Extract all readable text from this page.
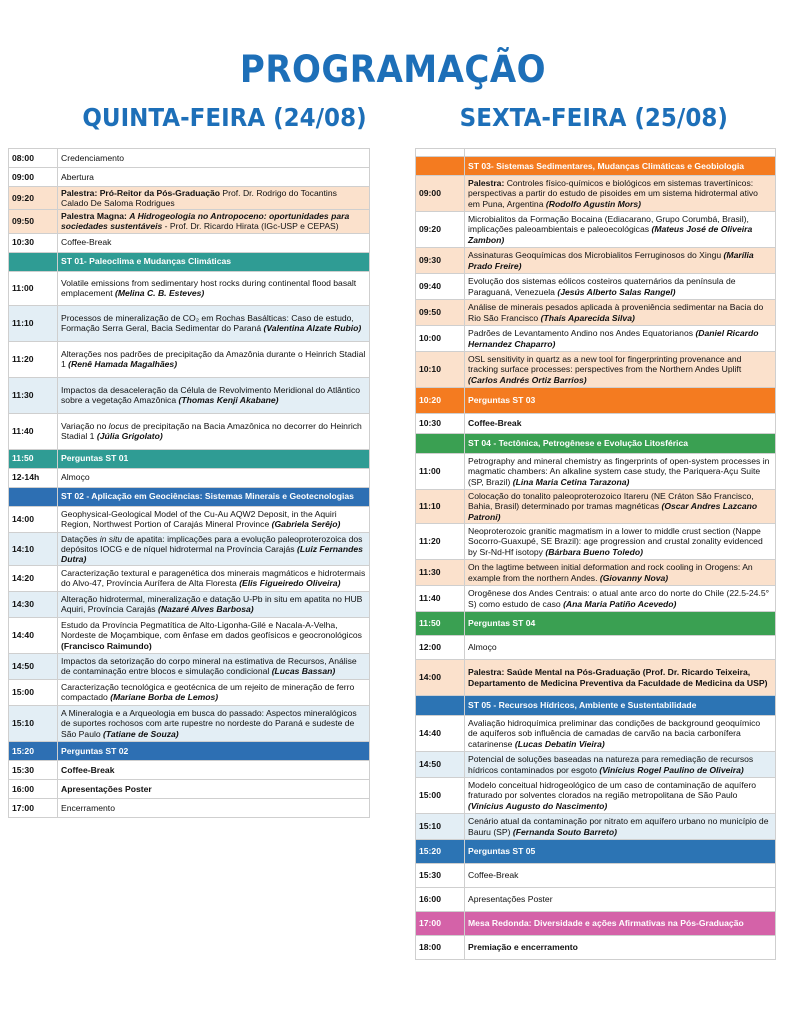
PROGRAMAÇÃO
QUINTA-FEIRA (24/08)	SEXTA-FEIRA (25/08)
08:00	Credenciamento
09:00	Abertura
09:20	Palestra: Pró-Reitor da Pós-Graduação Prof. Dr. Rodrigo do Tocantins Calado De Saloma Rodrigues
09:50	Palestra Magna: A Hidrogeologia no Antropoceno: oportunidades para sociedades sustentáveis - Prof. Dr. Ricardo Hirata (IGc-USP e CEPAS)
10:30	Coffee-Break
	ST 01- Paleoclima e Mudanças Climáticas
11:00	Volatile emissions from sedimentary host rocks during continental flood basalt emplacement (Melina C. B. Esteves)
11:10	Processos de mineralização de CO₂ em Rochas Basálticas: Caso de estudo, Formação Serra Geral, Bacia Sedimentar do Paraná (Valentina Alzate Rubio)
11:20	Alterações nos padrões de precipitação da Amazônia durante o Heinrich Stadial 1 (Renê Hamada Magalhães)
11:30	Impactos da desaceleração da Célula de Revolvimento Meridional do Atlântico sobre a vegetação Amazônica (Thomas Kenji Akabane)
11:40	Variação no locus de precipitação na Bacia Amazônica no decorrer do Heinrich Stadial 1 (Júlia Grigolato)
11:50	Perguntas ST 01
12-14h	Almoço
	ST 02 - Aplicação em Geociências: Sistemas Minerais e Geotecnologias
14:00	Geophysical-Geological Model of the Cu-Au AQW2 Deposit, in the Aquiri Region, Northwest Portion of Carajás Mineral Province (Gabriela Serêjo)
14:10	Datações in situ de apatita: implicações para a evolução paleoproterozoica dos depósitos IOCG e de níquel hidrotermal na Província Carajás (Luiz Fernandes Dutra)
14:20	Caracterização textural e paragenética dos minerais magmáticos e hidrotermais do Alvo-47, Província Aurífera de Alta Floresta (Elis Figueiredo Oliveira)
14:30	Alteração hidrotermal, mineralização e datação U-Pb in situ em apatita no HUB Aquiri, Província Carajás (Nazaré Alves Barbosa)
14:40	Estudo da Província Pegmatítica de Alto-Ligonha-Gilé e Nacala-A-Velha, Nordeste de Moçambique, com ênfase em dados geofísicos e geocronológicos (Francisco Raimundo)
14:50	Impactos da setorização do corpo mineral na estimativa de Recursos, Análise de contaminação entre blocos e simulação condicional (Lucas Bassan)
15:00	Caracterização tecnológica e geotécnica de um rejeito de mineração de ferro compactado (Mariane Borba de Lemos)
15:10	A Mineralogia e a Arqueologia em busca do passado: Aspectos mineralógicos de suportes rochosos com arte rupestre no nordeste do Paraná e sudeste de São Paulo (Tatiane de Souza)
15:20	Perguntas ST 02
15:30	Coffee-Break
16:00	Apresentações Poster
17:00	Encerramento

	ST 03- Sistemas Sedimentares, Mudanças Climáticas e Geobiologia
09:00	Palestra: Controles físico-químicos e biológicos em sistemas travertínicos: perspectivas a partir do estudo de pisoides em um sistema hidrotermal ativo em Puna, Argentina (Rodolfo Agustin Mors)
09:20	Microbialitos da Formação Bocaina (Ediacarano, Grupo Corumbá, Brasil), implicações paleoambientais e paleoecológicas (Mateus José de Oliveira Zambon)
09:30	Assinaturas Geoquímicas dos Microbialitos Ferruginosos do Xingu (Marília Prado Freire)
09:40	Evolução dos sistemas eólicos costeiros quaternários da península de Paraguaná, Venezuela (Jesús Alberto Salas Rangel)
09:50	Análise de minerais pesados aplicada à proveniência sedimentar na Bacia do Rio São Francisco (Thaís Aparecida Silva)
10:00	Padrões de Levantamento Andino nos Andes Equatorianos (Daniel Ricardo Hernandez Chaparro)
10:10	OSL sensitivity in quartz as a new tool for fingerprinting provenance and tracking surface processes: perspectives from the Northern Andes Uplift (Carlos Andrés Ortiz Barrios)
10:20	Perguntas ST 03
10:30	Coffee-Break
	ST 04 - Tectônica, Petrogênese e Evolução Litosférica
11:00	Petrography and mineral chemistry as fingerprints of open-system processes in magmatic chambers: An alkaline system case study, the Pariquera-Açu Suite (SP, Brazil) (Lina Maria Cetina Tarazona)
11:10	Colocação do tonalito paleoproterozoico Itareru (NE Cráton São Francisco, Bahia, Brasil) determinado por tramas magnéticas (Oscar Andres Lazcano Patroni)
11:20	Neoproterozoic granitic magmatism in a lower to middle crust section (Nappe Socorro-Guaxupé, SE Brazil): age progression and crustal zonality evidenced by Sr-Nd-Hf isotopy (Bárbara Bueno Toledo)
11:30	On the lagtime between initial deformation and rock cooling in Orogens: An example from the northern Andes. (Giovanny Nova)
11:40	Orogênese dos Andes Centrais: o atual ante arco do norte do Chile (22.5-24.5° S) como estudo de caso (Ana Maria Patiño Acevedo)
11:50	Perguntas ST 04
12:00	Almoço
14:00	Palestra: Saúde Mental na Pós-Graduação (Prof. Dr. Ricardo Teixeira, Departamento de Medicina Preventiva da Faculdade de Medicina da USP)
	ST 05 - Recursos Hídricos, Ambiente e Sustentabilidade
14:40	Avaliação hidroquímica preliminar das condições de background geoquímico de aquíferos sob influência de camadas de carvão na bacia carbonífera catarinense (Lucas Debatin Vieira)
14:50	Potencial de soluções baseadas na natureza para remediação de recursos hídricos contaminados por esgoto (Vinícius Rogel Paulino de Oliveira)
15:00	Modelo conceitual hidrogeológico de um caso de contaminação de aquífero fraturado por solventes clorados na região metropolitana de São Paulo (Vinícius Augusto do Nascimento)
15:10	Cenário atual da contaminação por nitrato em aquífero urbano no município de Bauru (SP) (Fernanda Souto Barreto)
15:20	Perguntas ST 05
15:30	Coffee-Break
16:00	Apresentações Poster
17:00	Mesa Redonda: Diversidade e ações Afirmativas na Pós-Graduação
18:00	Premiação e encerramento
